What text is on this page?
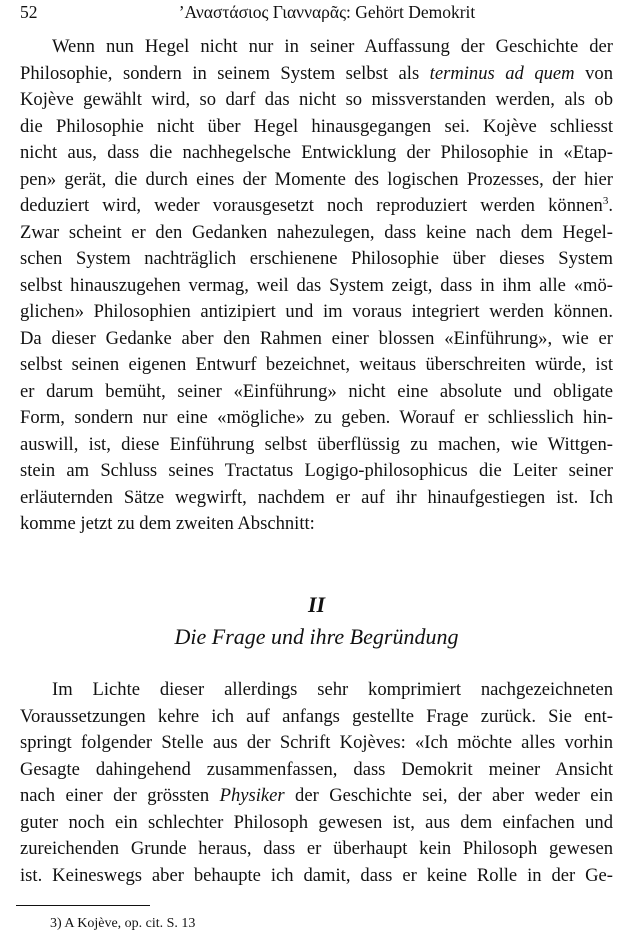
52	’Αναστάσιος Γιανναρᾶς: Gehört Demokrit
Wenn nun Hegel nicht nur in seiner Auffassung der Geschichte der
Philosophie, sondern in seinem System selbst als terminus ad quem von
Kojève gewählt wird, so darf das nicht so missverstanden werden, als ob
die Philosophie nicht über Hegel hinausgegangen sei. Kojève schliesst
nicht aus, dass die nachhegelsche Entwicklung der Philosophie in «Etap-
pen» gerät, die durch eines der Momente des logischen Prozesses, der hier
deduziert wird, weder vorausgesetzt noch reproduziert werden können$^3$.
Zwar scheint er den Gedanken nahezulegen, dass keine nach dem Hegel-
schen System nachträglich erschienene Philosophie über dieses System
selbst hinauszugehen vermag, weil das System zeigt, dass in ihm alle «mö-
glichen» Philosophien antizipiert und im voraus integriert werden können.
Da dieser Gedanke aber den Rahmen einer blossen «Einführung», wie er
selbst seinen eigenen Entwurf bezeichnet, weitaus überschreiten würde, ist
er darum bemüht, seiner «Einführung» nicht eine absolute und obligate
Form, sondern nur eine «mögliche» zu geben. Worauf er schliesslich hin-
auswill, ist, diese Einführung selbst überflüssig zu machen, wie Wittgen-
stein am Schluss seines Tractatus Logigo-philosophicus die Leiter seiner
erläuternden Sätze wegwirft, nachdem er auf ihr hinaufgestiegen ist. Ich
komme jetzt zu dem zweiten Abschnitt:
II
Die Frage und ihre Begründung
Im Lichte dieser allerdings sehr komprimiert nachgezeichneten
Voraussetzungen kehre ich auf anfangs gestellte Frage zurück. Sie ent-
springt folgender Stelle aus der Schrift Kojèves: «Ich möchte alles vorhin
Gesagte dahingehend zusammenfassen, dass Demokrit meiner Ansicht
nach einer der grössten Physiker der Geschichte sei, der aber weder ein
guter noch ein schlechter Philosoph gewesen ist, aus dem einfachen und
zureichenden Grunde heraus, dass er überhaupt kein Philosoph gewesen
ist. Keineswegs aber behaupte ich damit, dass er keine Rolle in der Ge-
3) A Kojève, op. cit. S. 13
